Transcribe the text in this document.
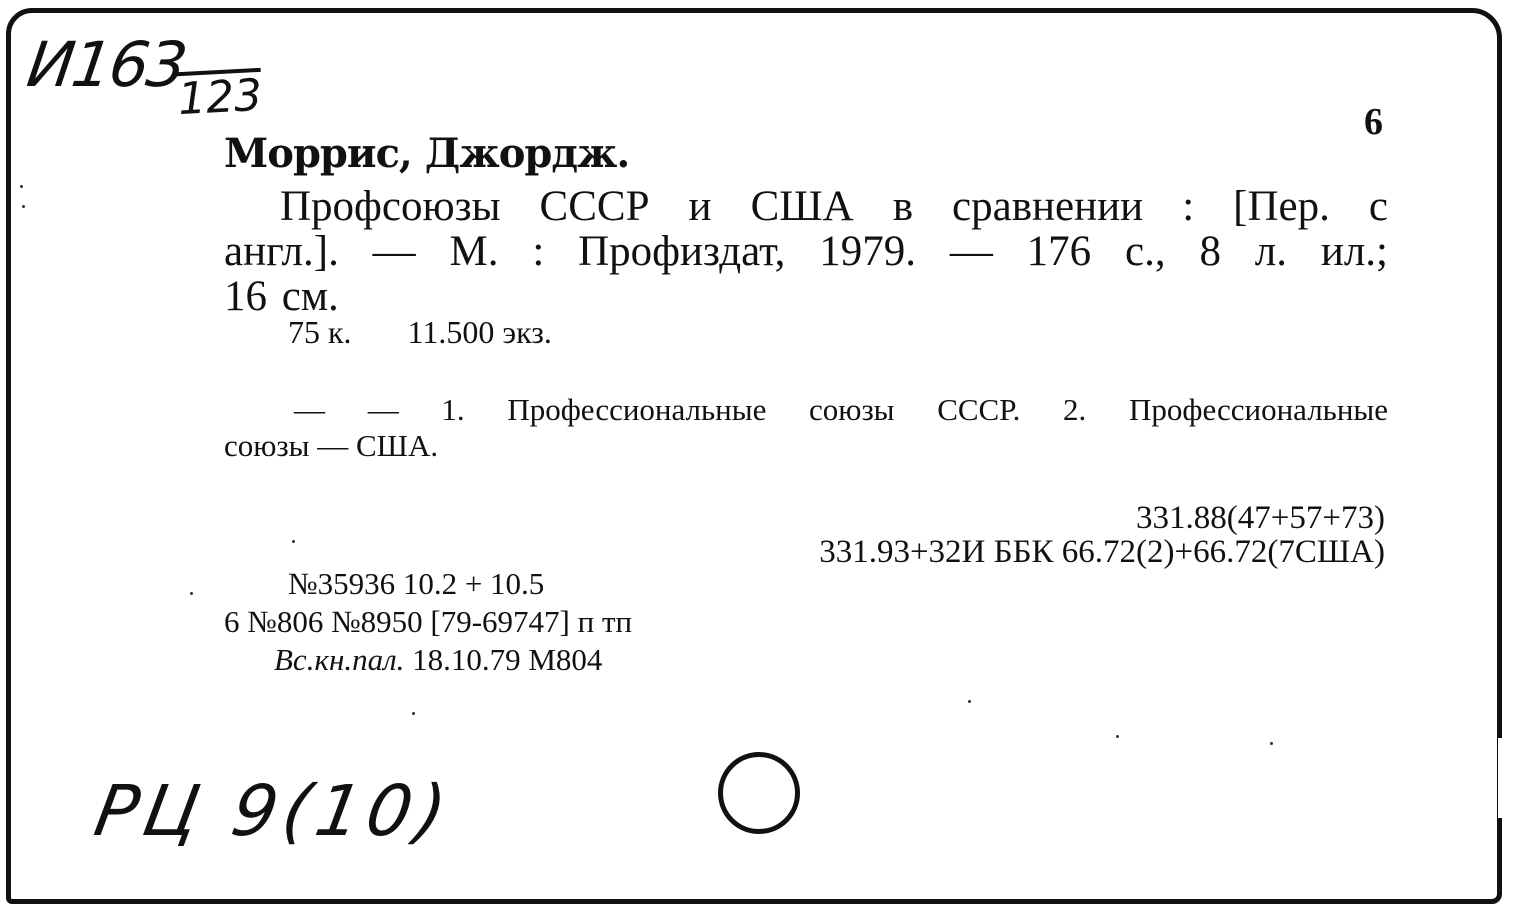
И163
123	6
Моррис, Джордж.
Профсоюзы СССР и США в сравнении : [Пер. с
англ.]. — М. : Профиздат, 1979. — 176 с., 8 л. ил.;
16 см.
75 к. 11.500 экз.
— — 1. Профессиональные союзы СССР. 2. Профессиональные
союзы — США.
331.88(47+57+73)
331.93+32И ББК 66.72(2)+66.72(7США)
№35936 10.2 + 10.5
6 №806 №8950 [79-69747] п тп
Вс.кн.пал. 18.10.79 М804
РЦ 9(10)
